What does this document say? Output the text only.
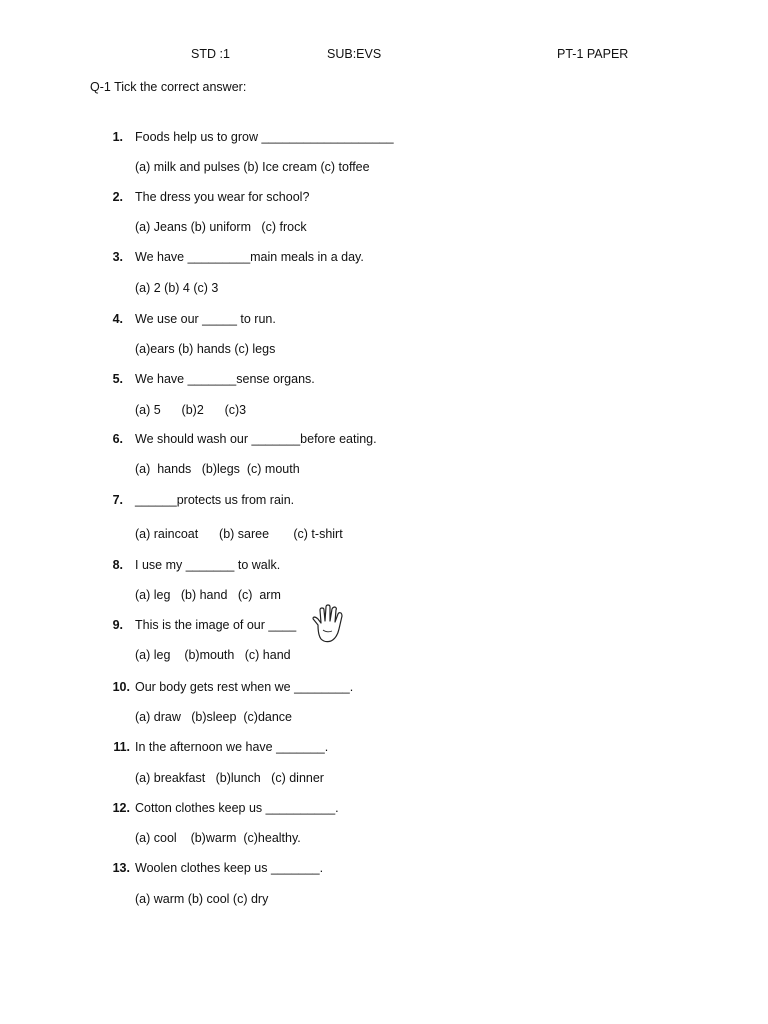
STD :1	SUB:EVS	PT-1 PAPER
Q-1 Tick the correct answer:
1. Foods help us to grow ___________________
(a) milk and pulses (b) Ice cream (c) toffee
2. The dress you wear for school?
(a) Jeans (b) uniform   (c) frock
3. We have _________main meals in a day.
(a) 2 (b) 4 (c) 3
4. We use our _____ to run.
(a)ears (b) hands (c) legs
5. We have _______sense organs.
(a) 5      (b)2      (c)3
6. We should wash our _______before eating.
(a)  hands   (b)legs  (c) mouth
7. ______protects us from rain.
(a) raincoat      (b) saree       (c) t-shirt
8. I use my _______ to walk.
(a) leg   (b) hand   (c)  arm
9. This is the image of our ____
(a) leg    (b)mouth   (c) hand
10. Our body gets rest when we ________.
(a) draw   (b)sleep  (c)dance
11. In the afternoon we have _______.
(a) breakfast   (b)lunch   (c) dinner
12. Cotton clothes keep us __________.
(a) cool    (b)warm  (c)healthy.
13. Woolen clothes keep us _______.
(a) warm (b) cool (c) dry
